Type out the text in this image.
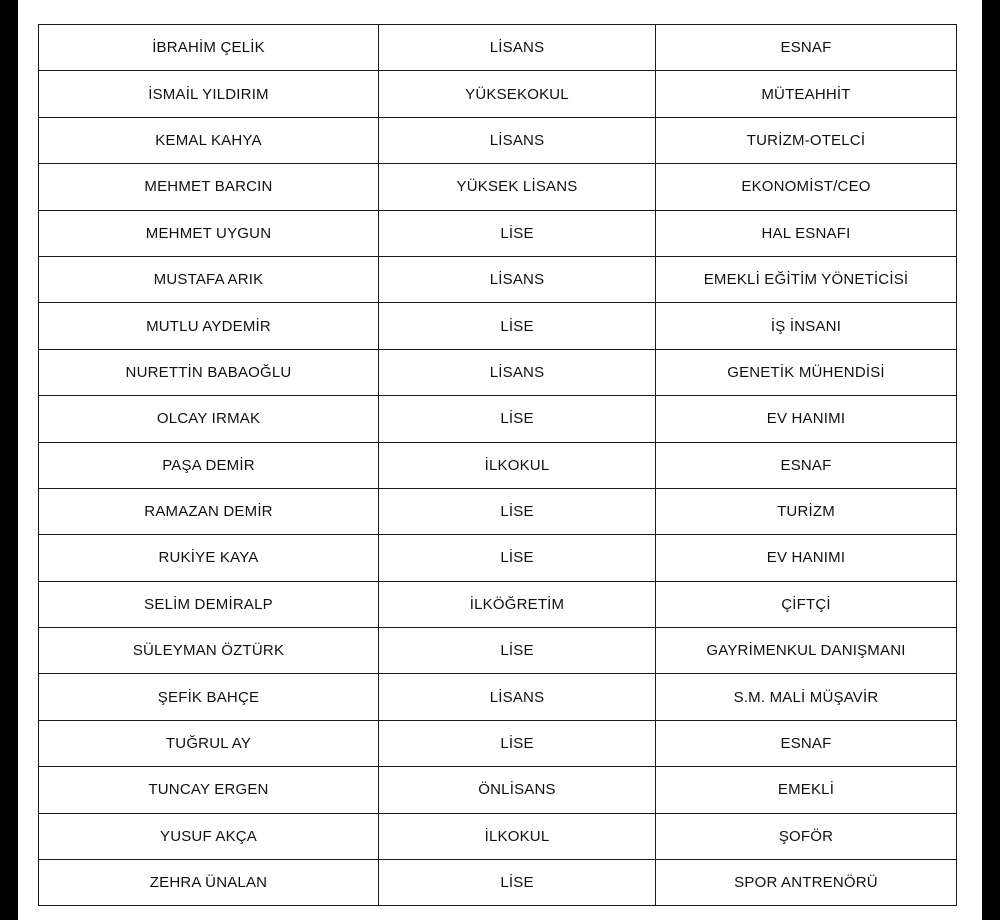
İBRAHİM ÇELİK	LİSANS	ESNAF
İSMAİL YILDIRIM	YÜKSEKOKUL	MÜTEAHHİT
KEMAL KAHYA	LİSANS	TURİZM-OTELCİ
MEHMET BARCIN	YÜKSEK LİSANS	EKONOMİST/CEO
MEHMET UYGUN	LİSE	HAL ESNAFI
MUSTAFA ARIK	LİSANS	EMEKLİ EĞİTİM YÖNETİCİSİ
MUTLU AYDEMİR	LİSE	İŞ İNSANI
NURETTİN BABAOĞLU	LİSANS	GENETİK MÜHENDİSİ
OLCAY IRMAK	LİSE	EV HANIMI
PAŞA DEMİR	İLKOKUL	ESNAF
RAMAZAN DEMİR	LİSE	TURİZM
RUKİYE KAYA	LİSE	EV HANIMI
SELİM DEMİRALP	İLKÖĞRETİM	ÇİFTÇİ
SÜLEYMAN ÖZTÜRK	LİSE	GAYRİMENKUL DANIŞMANI
ŞEFİK BAHÇE	LİSANS	S.M. MALİ MÜŞAVİR
TUĞRUL AY	LİSE	ESNAF
TUNCAY ERGEN	ÖNLİSANS	EMEKLİ
YUSUF AKÇA	İLKOKUL	ŞOFÖR
ZEHRA ÜNALAN	LİSE	SPOR ANTRENÖRÜ
